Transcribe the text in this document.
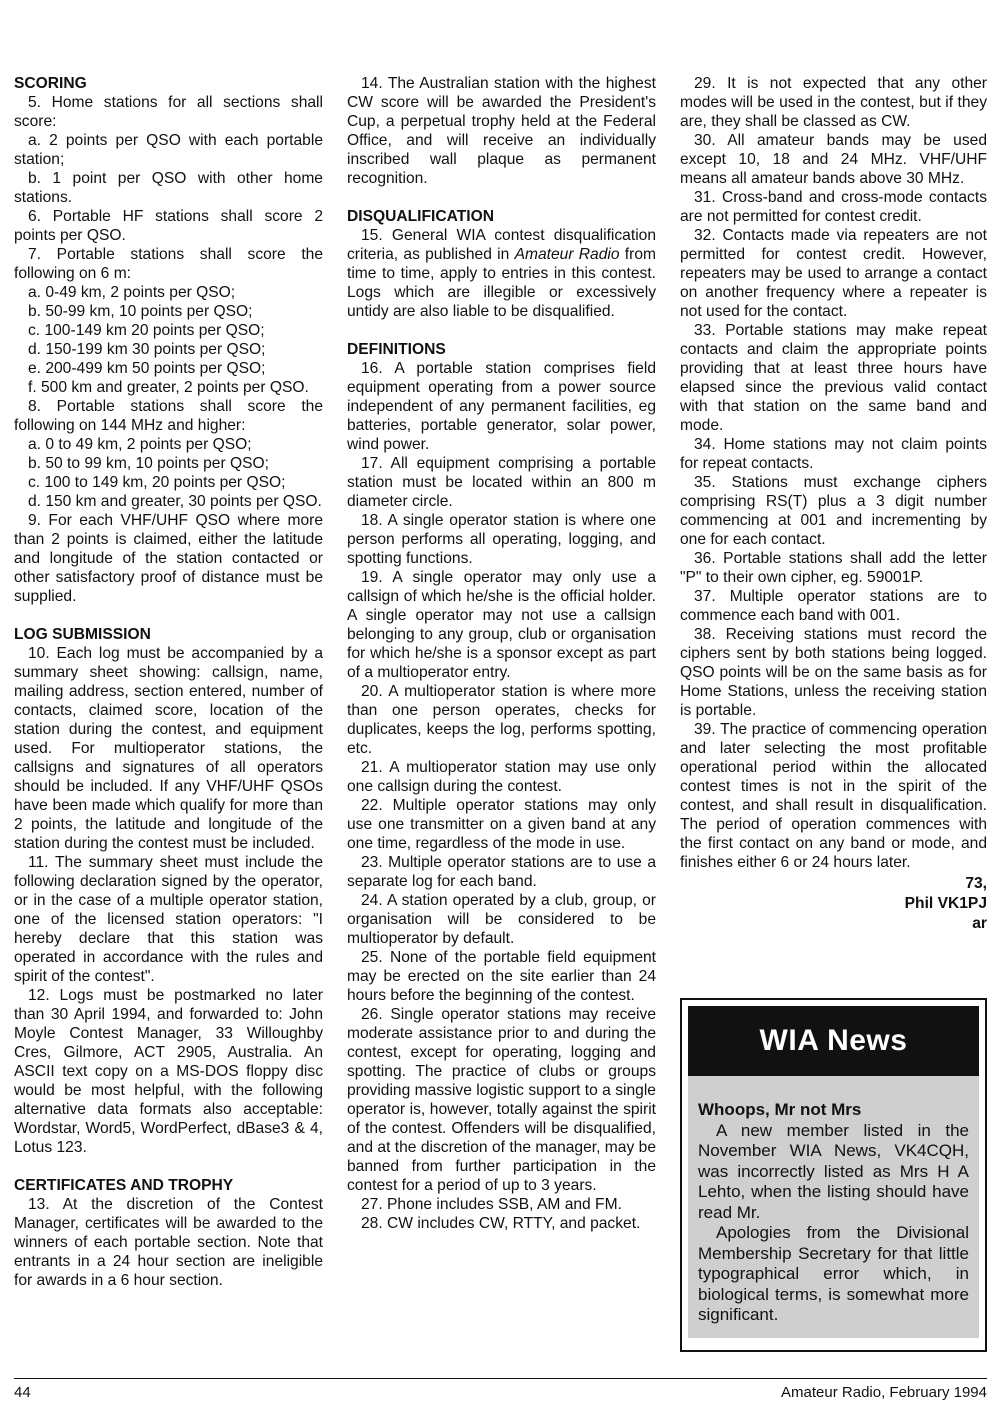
SCORING

5. Home stations for all sections shall score:

a. 2 points per QSO with each portable station;

b. 1 point per QSO with other home stations.

6. Portable HF stations shall score 2 points per QSO.

7. Portable stations shall score the following on 6 m:

a. 0-49 km, 2 points per QSO;

b. 50-99 km, 10 points per QSO;

c. 100-149 km 20 points per QSO;

d. 150-199 km 30 points per QSO;

e. 200-499 km 50 points per QSO;

f. 500 km and greater, 2 points per QSO.

8. Portable stations shall score the following on 144 MHz and higher:

a. 0 to 49 km, 2 points per QSO;

b. 50 to 99 km, 10 points per QSO;

c. 100 to 149 km, 20 points per QSO;

d. 150 km and greater, 30 points per QSO.

9. For each VHF/UHF QSO where more than 2 points is claimed, either the latitude and longitude of the station contacted or other satisfactory proof of distance must be supplied.

LOG SUBMISSION

10. Each log must be accompanied by a summary sheet showing: callsign, name, mailing address, section entered, number of contacts, claimed score, location of the station during the contest, and equipment used. For multioperator stations, the callsigns and signatures of all operators should be included. If any VHF/UHF QSOs have been made which qualify for more than 2 points, the latitude and longitude of the station during the contest must be included.

11. The summary sheet must include the following declaration signed by the operator, or in the case of a multiple operator station, one of the licensed station operators: "I hereby declare that this station was operated in accordance with the rules and spirit of the contest".

12. Logs must be postmarked no later than 30 April 1994, and forwarded to: John Moyle Contest Manager, 33 Willoughby Cres, Gilmore, ACT 2905, Australia. An ASCII text copy on a MS-DOS floppy disc would be most helpful, with the following alternative data formats also acceptable: Wordstar, Word5, WordPerfect, dBase3 & 4, Lotus 123.

CERTIFICATES AND TROPHY

13. At the discretion of the Contest Manager, certificates will be awarded to the winners of each portable section. Note that entrants in a 24 hour section are ineligible for awards in a 6 hour section.

14. The Australian station with the highest CW score will be awarded the President's Cup, a perpetual trophy held at the Federal Office, and will receive an individually inscribed wall plaque as permanent recognition.

DISQUALIFICATION

15. General WIA contest disqualification criteria, as published in Amateur Radio from time to time, apply to entries in this contest. Logs which are illegible or excessively untidy are also liable to be disqualified.

DEFINITIONS

16. A portable station comprises field equipment operating from a power source independent of any permanent facilities, eg batteries, portable generator, solar power, wind power.

17. All equipment comprising a portable station must be located within an 800 m diameter circle.

18. A single operator station is where one person performs all operating, logging, and spotting functions.

19. A single operator may only use a callsign of which he/she is the official holder. A single operator may not use a callsign belonging to any group, club or organisation for which he/she is a sponsor except as part of a multioperator entry.

20. A multioperator station is where more than one person operates, checks for duplicates, keeps the log, performs spotting, etc.

21. A multioperator station may use only one callsign during the contest.

22. Multiple operator stations may only use one transmitter on a given band at any one time, regardless of the mode in use.

23. Multiple operator stations are to use a separate log for each band.

24. A station operated by a club, group, or organisation will be considered to be multioperator by default.

25. None of the portable field equipment may be erected on the site earlier than 24 hours before the beginning of the contest.

26. Single operator stations may receive moderate assistance prior to and during the contest, except for operating, logging and spotting. The practice of clubs or groups providing massive logistic support to a single operator is, however, totally against the spirit of the contest. Offenders will be disqualified, and at the discretion of the manager, may be banned from further participation in the contest for a period of up to 3 years.

27. Phone includes SSB, AM and FM.

28. CW includes CW, RTTY, and packet.

29. It is not expected that any other modes will be used in the contest, but if they are, they shall be classed as CW.

30. All amateur bands may be used except 10, 18 and 24 MHz. VHF/UHF means all amateur bands above 30 MHz.

31. Cross-band and cross-mode contacts are not permitted for contest credit.

32. Contacts made via repeaters are not permitted for contest credit. However, repeaters may be used to arrange a contact on another frequency where a repeater is not used for the contact.

33. Portable stations may make repeat contacts and claim the appropriate points providing that at least three hours have elapsed since the previous valid contact with that station on the same band and mode.

34. Home stations may not claim points for repeat contacts.

35. Stations must exchange ciphers comprising RS(T) plus a 3 digit number commencing at 001 and incrementing by one for each contact.

36. Portable stations shall add the letter "P" to their own cipher, eg. 59001P.

37. Multiple operator stations are to commence each band with 001.

38. Receiving stations must record the ciphers sent by both stations being logged. QSO points will be on the same basis as for Home Stations, unless the receiving station is portable.

39. The practice of commencing operation and later selecting the most profitable operational period within the allocated contest times is not in the spirit of the contest, and shall result in disqualification. The period of operation commences with the first contact on any band or mode, and finishes either 6 or 24 hours later.

73,
Phil VK1PJ
ar
WIA News
Whoops, Mr not Mrs

A new member listed in the November WIA News, VK4CQH, was incorrectly listed as Mrs H A Lehto, when the listing should have read Mr.

Apologies from the Divisional Membership Secretary for that little typographical error which, in biological terms, is somewhat more significant.

44	Amateur Radio, February 1994
